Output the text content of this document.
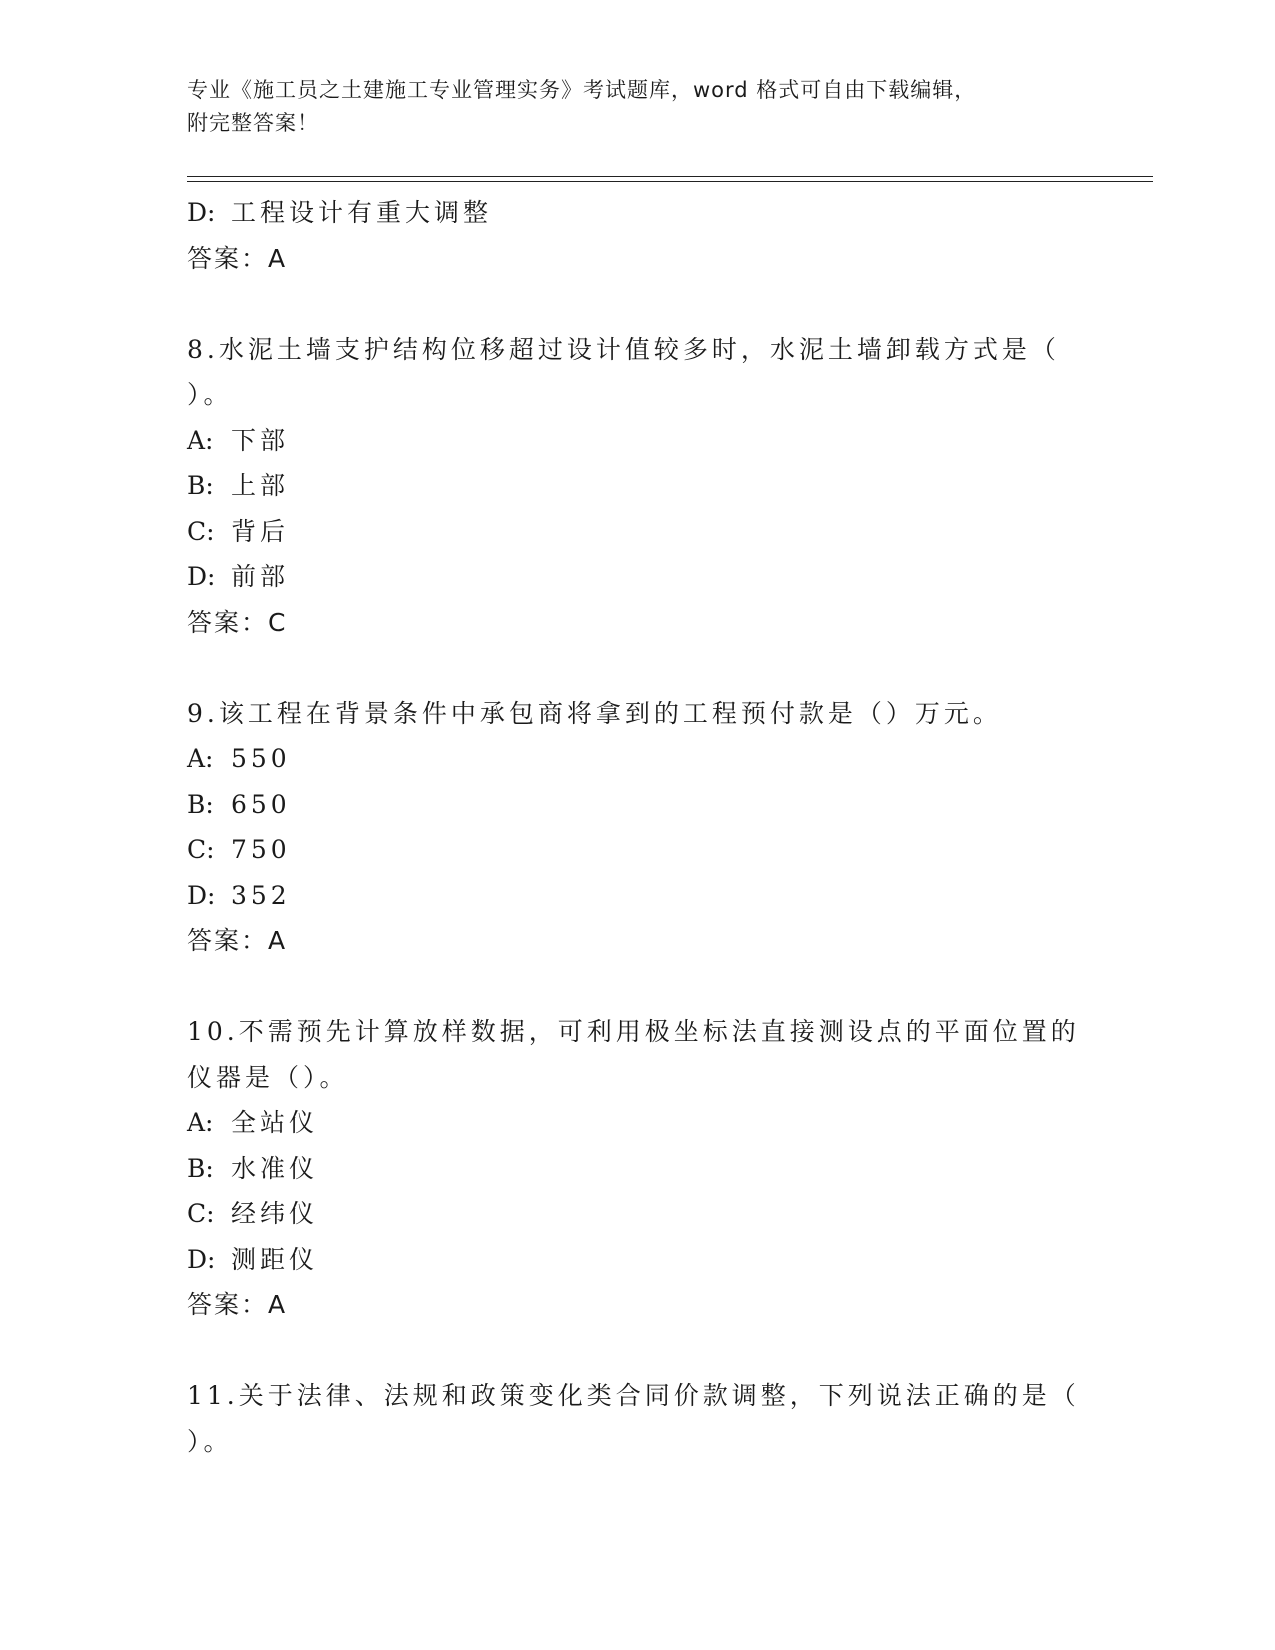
专业《施工员之土建施工专业管理实务》考试题库，word 格式可自由下载编辑，
附完整答案！
D: 工程设计有重大调整
答案：A
8.水泥土墙支护结构位移超过设计值较多时，水泥土墙卸载方式是（
）。
A: 下部
B: 上部
C: 背后
D: 前部
答案：C
9.该工程在背景条件中承包商将拿到的工程预付款是（）万元。
A: 550
B: 650
C: 750
D: 352
答案：A
10.不需预先计算放样数据，可利用极坐标法直接测设点的平面位置的
仪器是（）。
A: 全站仪
B: 水准仪
C: 经纬仪
D: 测距仪
答案：A
11.关于法律、法规和政策变化类合同价款调整，下列说法正确的是（
）。
